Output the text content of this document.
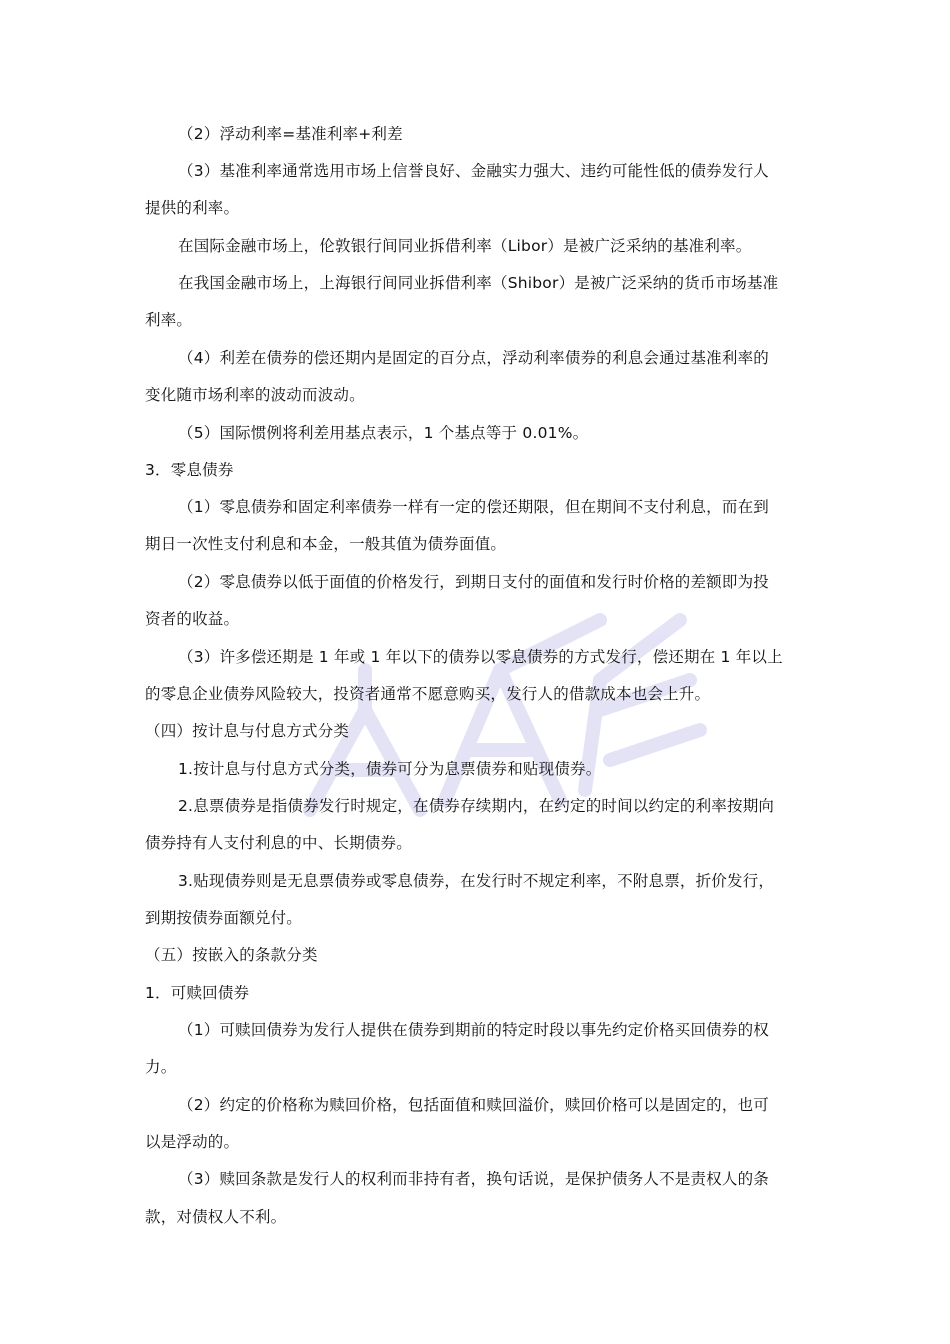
（2）浮动利率=基准利率+利差
（3）基准利率通常选用市场上信誉良好、金融实力强大、违约可能性低的债券发行人
提供的利率。
在国际金融市场上，伦敦银行间同业拆借利率（Libor）是被广泛采纳的基准利率。
在我国金融市场上，上海银行间同业拆借利率（Shibor）是被广泛采纳的货币市场基准
利率。
（4）利差在债券的偿还期内是固定的百分点，浮动利率债券的利息会通过基准利率的
变化随市场利率的波动而波动。
（5）国际惯例将利差用基点表示，1 个基点等于 0.01%。
3．零息债券
（1）零息债券和固定利率债券一样有一定的偿还期限，但在期间不支付利息，而在到
期日一次性支付利息和本金，一般其值为债券面值。
（2）零息债券以低于面值的价格发行，到期日支付的面值和发行时价格的差额即为投
资者的收益。
（3）许多偿还期是 1 年或 1 年以下的债券以零息债券的方式发行，偿还期在 1 年以上
的零息企业债券风险较大，投资者通常不愿意购买，发行人的借款成本也会上升。
（四）按计息与付息方式分类
1.按计息与付息方式分类，债券可分为息票债券和贴现债券。
2.息票债券是指债券发行时规定，在债券存续期内，在约定的时间以约定的利率按期向
债券持有人支付利息的中、长期债券。
3.贴现债券则是无息票债券或零息债券，在发行时不规定利率，不附息票，折价发行，
到期按债券面额兑付。
（五）按嵌入的条款分类
1．可赎回债券
（1）可赎回债券为发行人提供在债券到期前的特定时段以事先约定价格买回债券的权
力。
（2）约定的价格称为赎回价格，包括面值和赎回溢价，赎回价格可以是固定的，也可
以是浮动的。
（3）赎回条款是发行人的权利而非持有者，换句话说，是保护债务人不是责权人的条
款，对债权人不利。
